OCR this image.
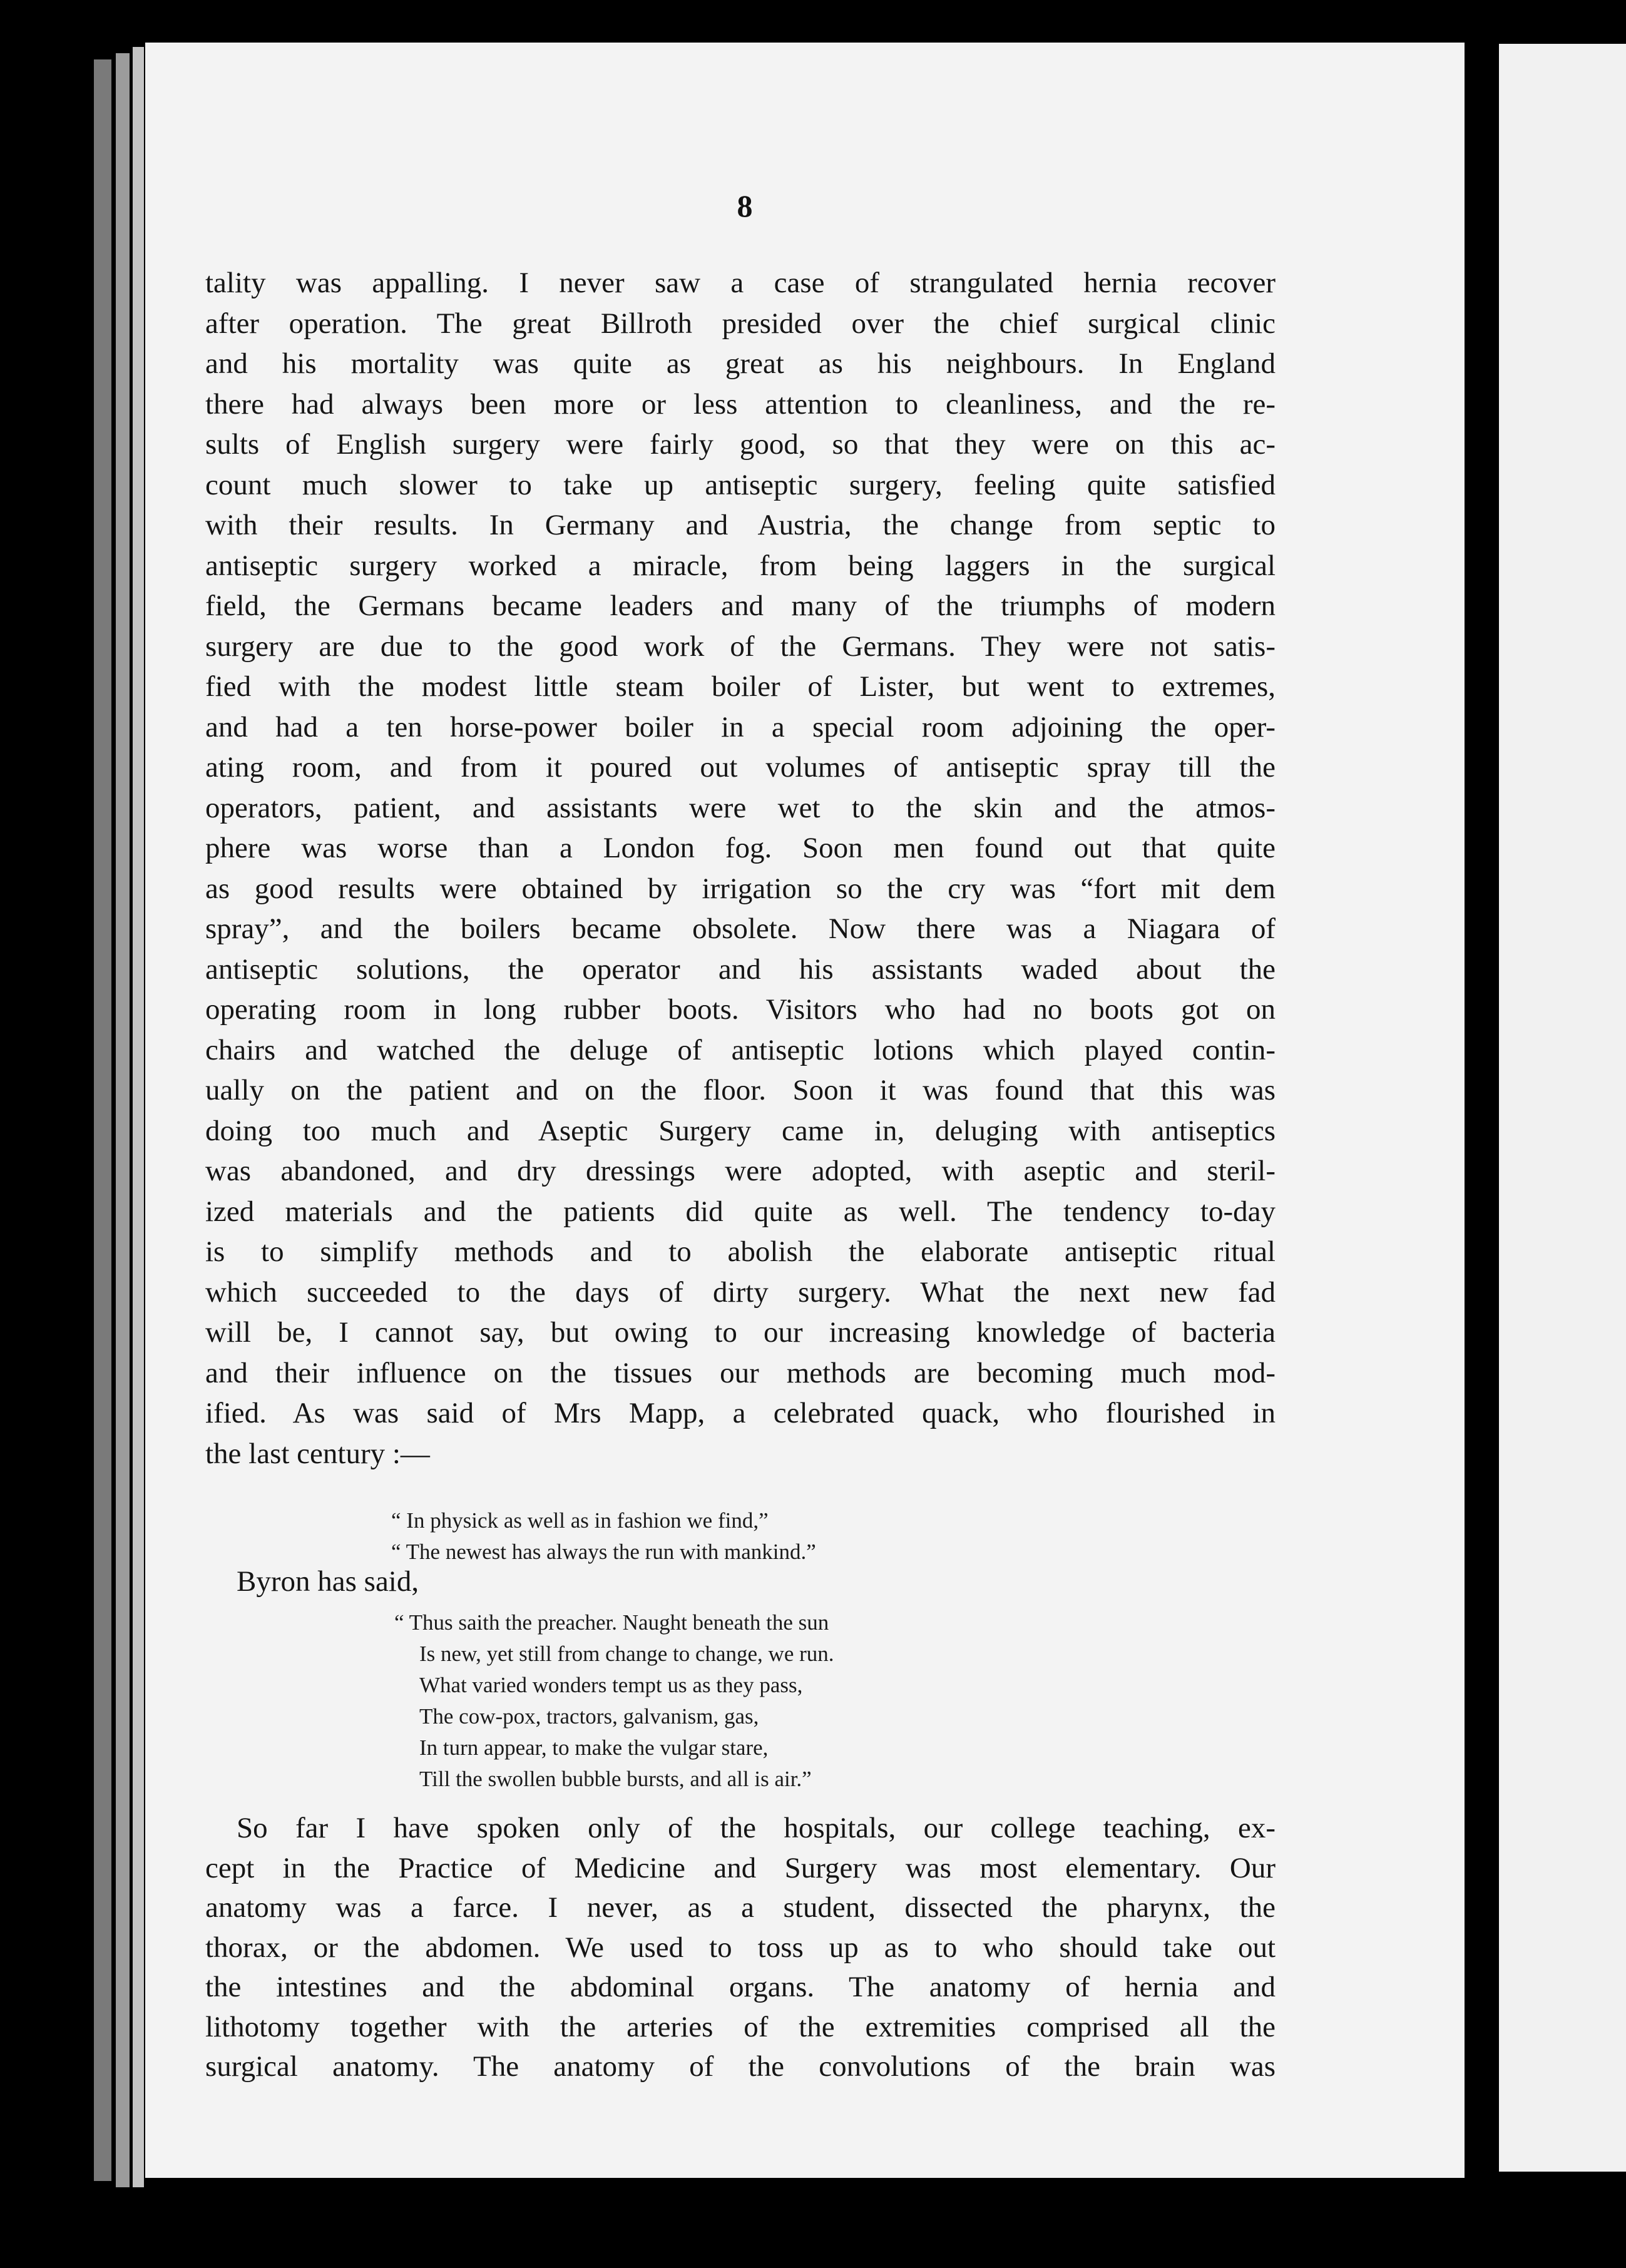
8
tality was appalling. I never saw a case of strangulated hernia recover
after operation. The great Billroth presided over the chief surgical clinic
and his mortality was quite as great as his neighbours. In England
there had always been more or less attention to cleanliness, and the re-
sults of English surgery were fairly good, so that they were on this ac-
count much slower to take up antiseptic surgery, feeling quite satisfied
with their results. In Germany and Austria, the change from septic to
antiseptic surgery worked a miracle, from being laggers in the surgical
field, the Germans became leaders and many of the triumphs of modern
surgery are due to the good work of the Germans. They were not satis-
fied with the modest little steam boiler of Lister, but went to extremes,
and had a ten horse-power boiler in a special room adjoining the oper-
ating room, and from it poured out volumes of antiseptic spray till the
operators, patient, and assistants were wet to the skin and the atmos-
phere was worse than a London fog. Soon men found out that quite
as good results were obtained by irrigation so the cry was “fort mit dem
spray”, and the boilers became obsolete. Now there was a Niagara of
antiseptic solutions, the operator and his assistants waded about the
operating room in long rubber boots. Visitors who had no boots got on
chairs and watched the deluge of antiseptic lotions which played contin-
ually on the patient and on the floor. Soon it was found that this was
doing too much and Aseptic Surgery came in, deluging with antiseptics
was abandoned, and dry dressings were adopted, with aseptic and steril-
ized materials and the patients did quite as well. The tendency to-day
is to simplify methods and to abolish the elaborate antiseptic ritual
which succeeded to the days of dirty surgery. What the next new fad
will be, I cannot say, but owing to our increasing knowledge of bacteria
and their influence on the tissues our methods are becoming much mod-
ified. As was said of Mrs Mapp, a celebrated quack, who flourished in
the last century :—
“ In physick as well as in fashion we find,”
“ The newest has always the run with mankind.”
Byron has said,
“ Thus saith the preacher. Naught beneath the sun
Is new, yet still from change to change, we run.
What varied wonders tempt us as they pass,
The cow-pox, tractors, galvanism, gas,
In turn appear, to make the vulgar stare,
Till the swollen bubble bursts, and all is air.”
So far I have spoken only of the hospitals, our college teaching, ex-
cept in the Practice of Medicine and Surgery was most elementary. Our
anatomy was a farce. I never, as a student, dissected the pharynx, the
thorax, or the abdomen. We used to toss up as to who should take out
the intestines and the abdominal organs. The anatomy of hernia and
lithotomy together with the arteries of the extremities comprised all the
surgical anatomy. The anatomy of the convolutions of the brain was
